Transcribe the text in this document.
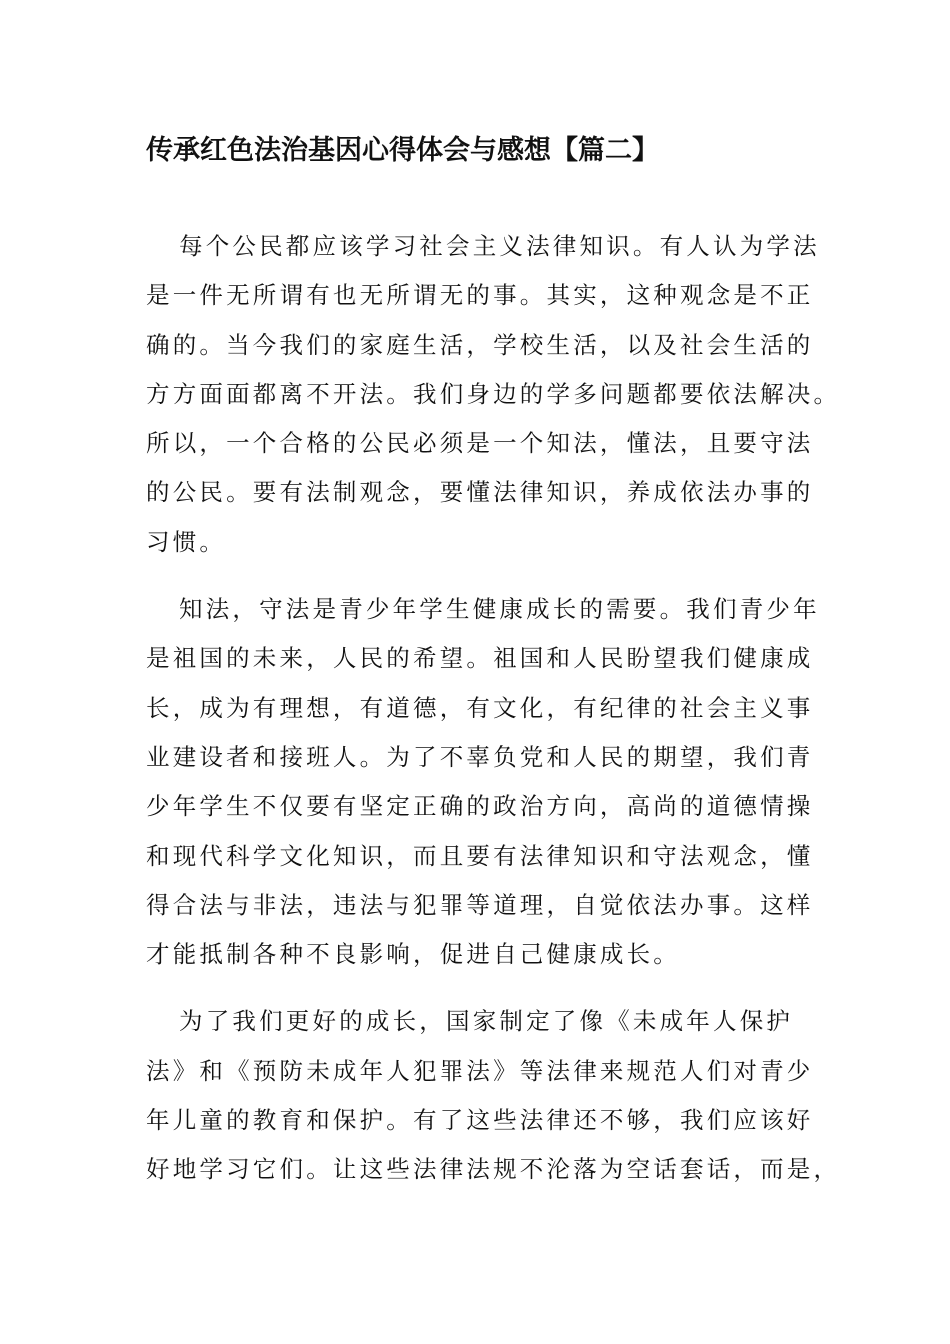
传承红色法治基因心得体会与感想【篇二】

每个公民都应该学习社会主义法律知识。有人认为学法
是一件无所谓有也无所谓无的事。其实，这种观念是不正
确的。当今我们的家庭生活，学校生活，以及社会生活的
方方面面都离不开法。我们身边的学多问题都要依法解决。
所以，一个合格的公民必须是一个知法，懂法，且要守法
的公民。要有法制观念，要懂法律知识，养成依法办事的
习惯。

知法，守法是青少年学生健康成长的需要。我们青少年
是祖国的未来，人民的希望。祖国和人民盼望我们健康成
长，成为有理想，有道德，有文化，有纪律的社会主义事
业建设者和接班人。为了不辜负党和人民的期望，我们青
少年学生不仅要有坚定正确的政治方向，高尚的道德情操
和现代科学文化知识，而且要有法律知识和守法观念，懂
得合法与非法，违法与犯罪等道理，自觉依法办事。这样
才能抵制各种不良影响，促进自己健康成长。

为了我们更好的成长，国家制定了像《未成年人保护
法》和《预防未成年人犯罪法》等法律来规范人们对青少
年儿童的教育和保护。有了这些法律还不够，我们应该好
好地学习它们。让这些法律法规不沦落为空话套话，而是，
